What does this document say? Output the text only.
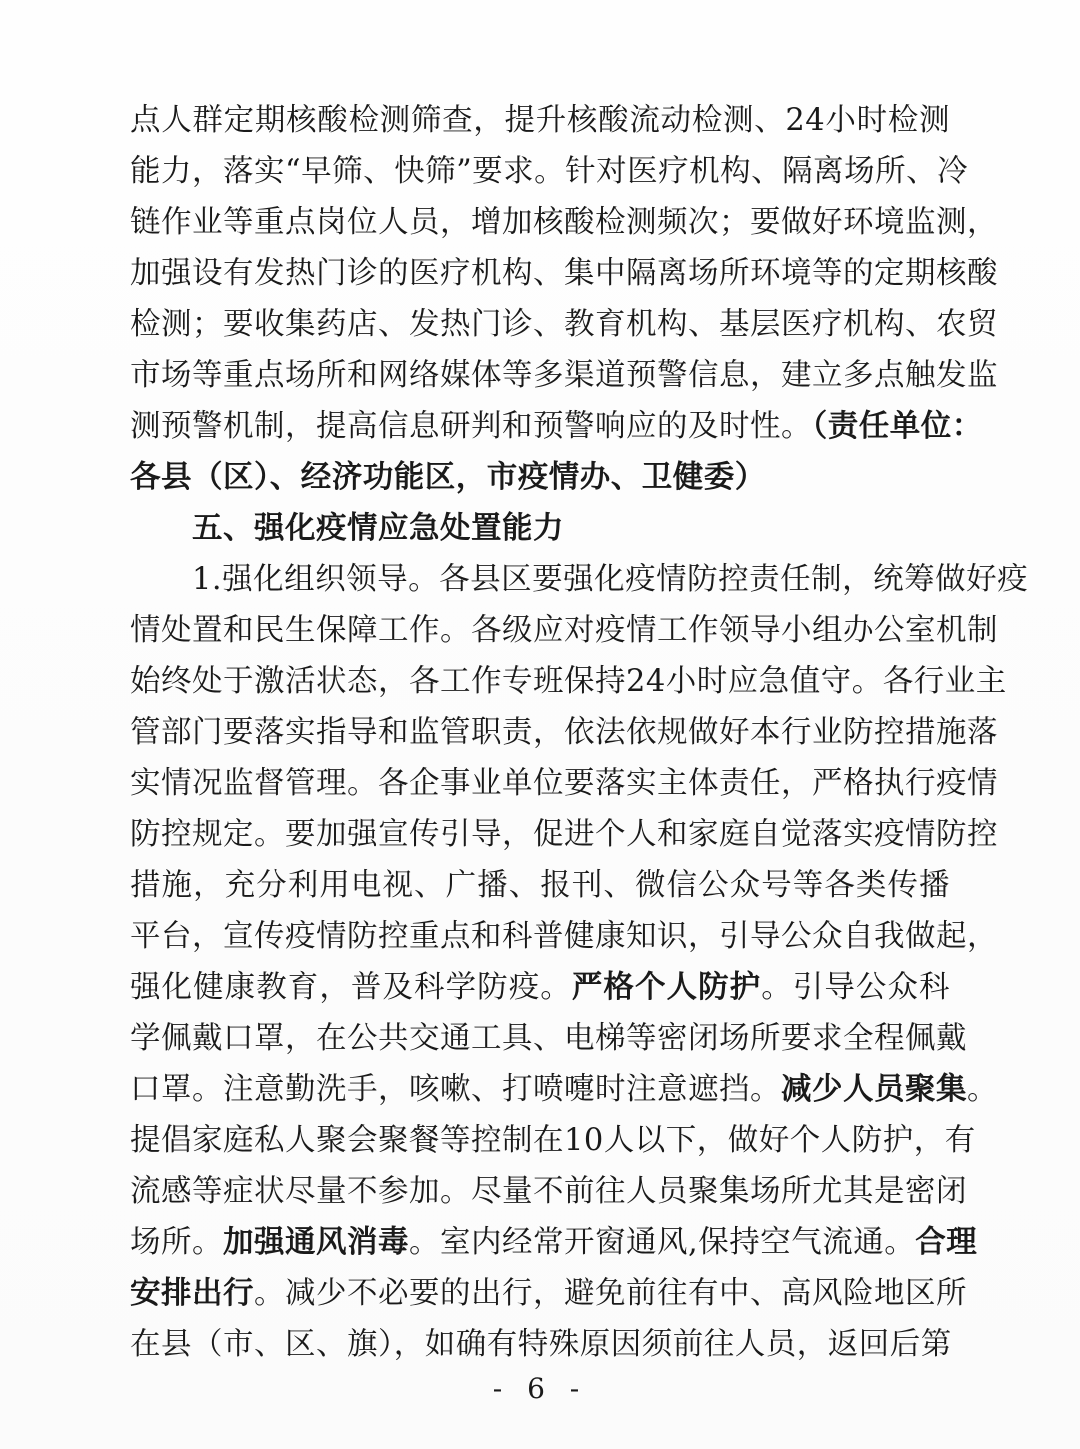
点人群定期核酸检测筛查，提升核酸流动检测、24小时检测
能力，落实“早筛、快筛”要求。针对医疗机构、隔离场所、冷
链作业等重点岗位人员，增加核酸检测频次；要做好环境监测，
加强设有发热门诊的医疗机构、集中隔离场所环境等的定期核酸
检测；要收集药店、发热门诊、教育机构、基层医疗机构、农贸
市场等重点场所和网络媒体等多渠道预警信息，建立多点触发监
测预警机制，提高信息研判和预警响应的及时性。（责任单位：
各县（区）、经济功能区，市疫情办、卫健委）
五、强化疫情应急处置能力
1.强化组织领导。各县区要强化疫情防控责任制，统筹做好疫
情处置和民生保障工作。各级应对疫情工作领导小组办公室机制
始终处于激活状态，各工作专班保持24小时应急值守。各行业主
管部门要落实指导和监管职责，依法依规做好本行业防控措施落
实情况监督管理。各企事业单位要落实主体责任，严格执行疫情
防控规定。要加强宣传引导，促进个人和家庭自觉落实疫情防控
措施，充分利用电视、广播、报刊、微信公众号等各类传播
平台，宣传疫情防控重点和科普健康知识，引导公众自我做起，
强化健康教育，普及科学防疫。严格个人防护。引导公众科
学佩戴口罩，在公共交通工具、电梯等密闭场所要求全程佩戴
口罩。注意勤洗手，咳嗽、打喷嚏时注意遮挡。减少人员聚集。
提倡家庭私人聚会聚餐等控制在10人以下，做好个人防护，有
流感等症状尽量不参加。尽量不前往人员聚集场所尤其是密闭
场所。加强通风消毒。室内经常开窗通风,保持空气流通。合理
安排出行。减少不必要的出行，避免前往有中、高风险地区所
在县（市、区、旗），如确有特殊原因须前往人员，返回后第
- 6 -
